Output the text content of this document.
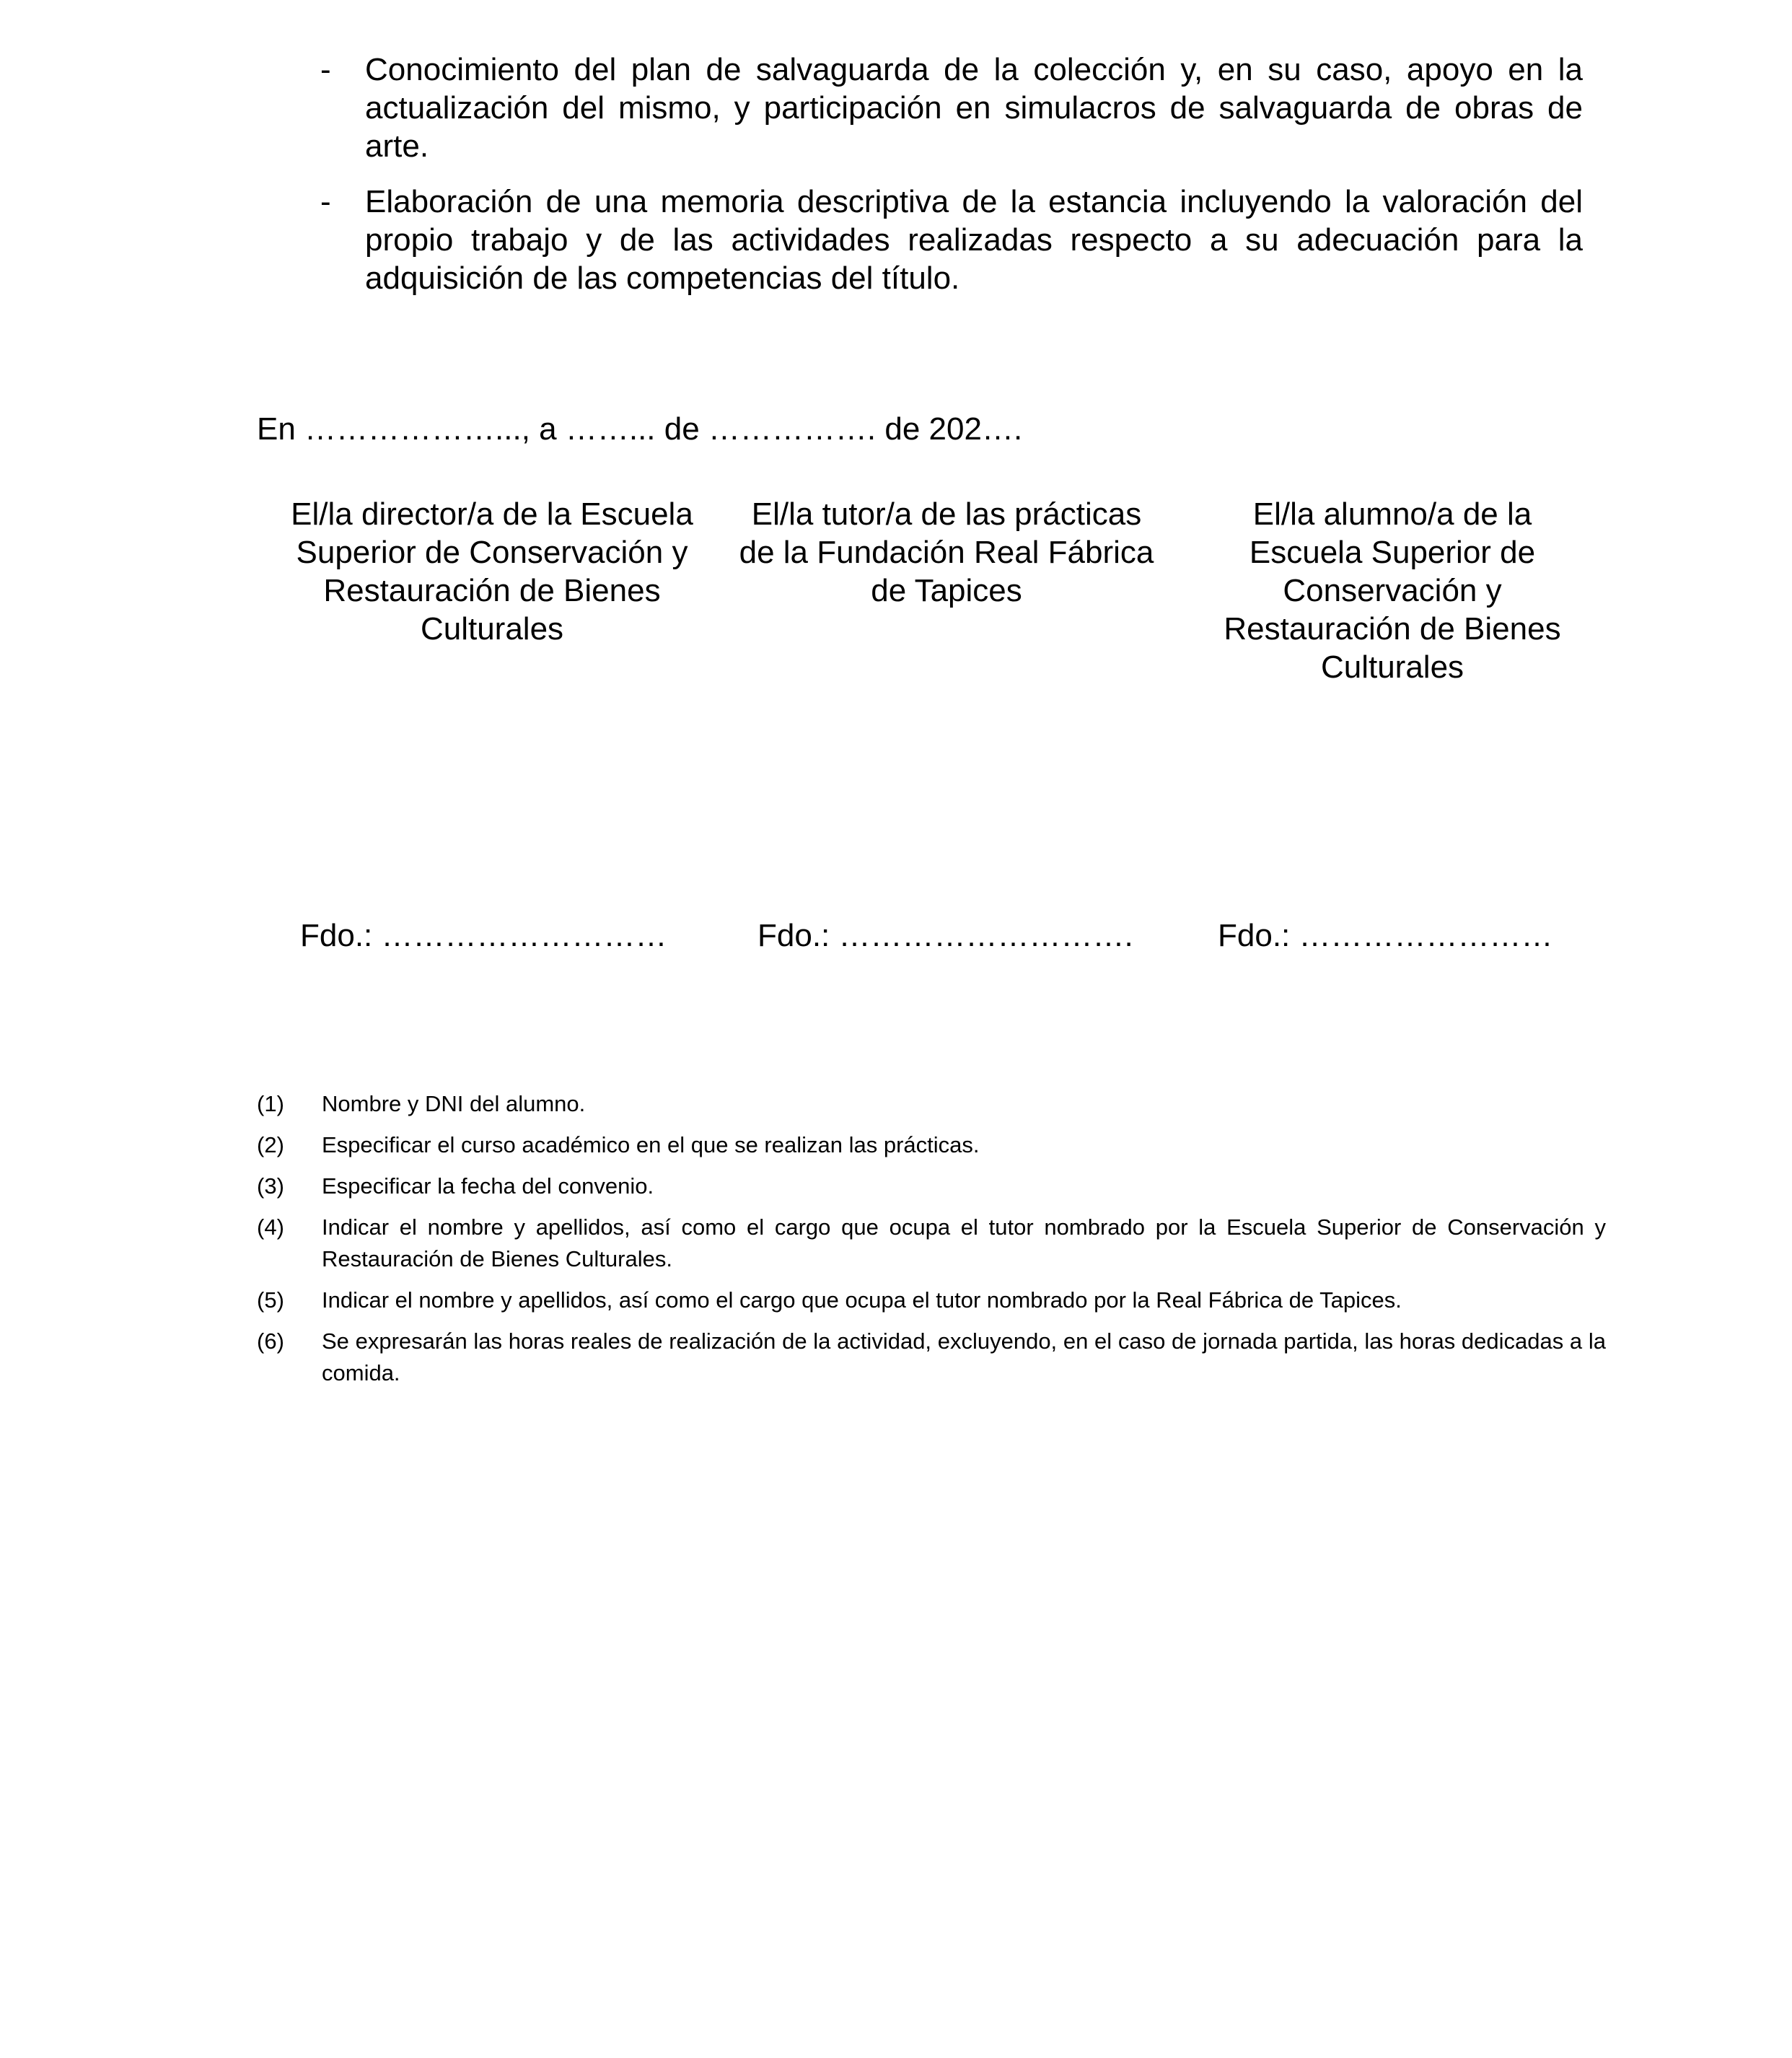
- Conocimiento del plan de salvaguarda de la colección y, en su caso, apoyo en la actualización del mismo, y participación en simulacros de salvaguarda de obras de arte.
- Elaboración de una memoria descriptiva de la estancia incluyendo la valoración del propio trabajo y de las actividades realizadas respecto a su adecuación para la adquisición de las competencias del título.
En ………………..., a ……... de ……………. de 202….
El/la director/a de la Escuela Superior de Conservación y Restauración de Bienes Culturales
El/la tutor/a de las prácticas de la Fundación Real Fábrica de Tapices
El/la alumno/a de la Escuela Superior de Conservación y Restauración de Bienes Culturales
Fdo.: ………………………	Fdo.: ……………………….	Fdo.: ……………………
(1)	Nombre y DNI del alumno.
(2)	Especificar el curso académico en el que se realizan las prácticas.
(3)	Especificar la fecha del convenio.
(4)	Indicar el nombre y apellidos, así como el cargo que ocupa el tutor nombrado por la Escuela Superior de Conservación y Restauración de Bienes Culturales.
(5)	Indicar el nombre y apellidos, así como el cargo que ocupa el tutor nombrado por la Real Fábrica de Tapices.
(6)	Se expresarán las horas reales de realización de la actividad, excluyendo, en el caso de jornada partida, las horas dedicadas a la comida.
